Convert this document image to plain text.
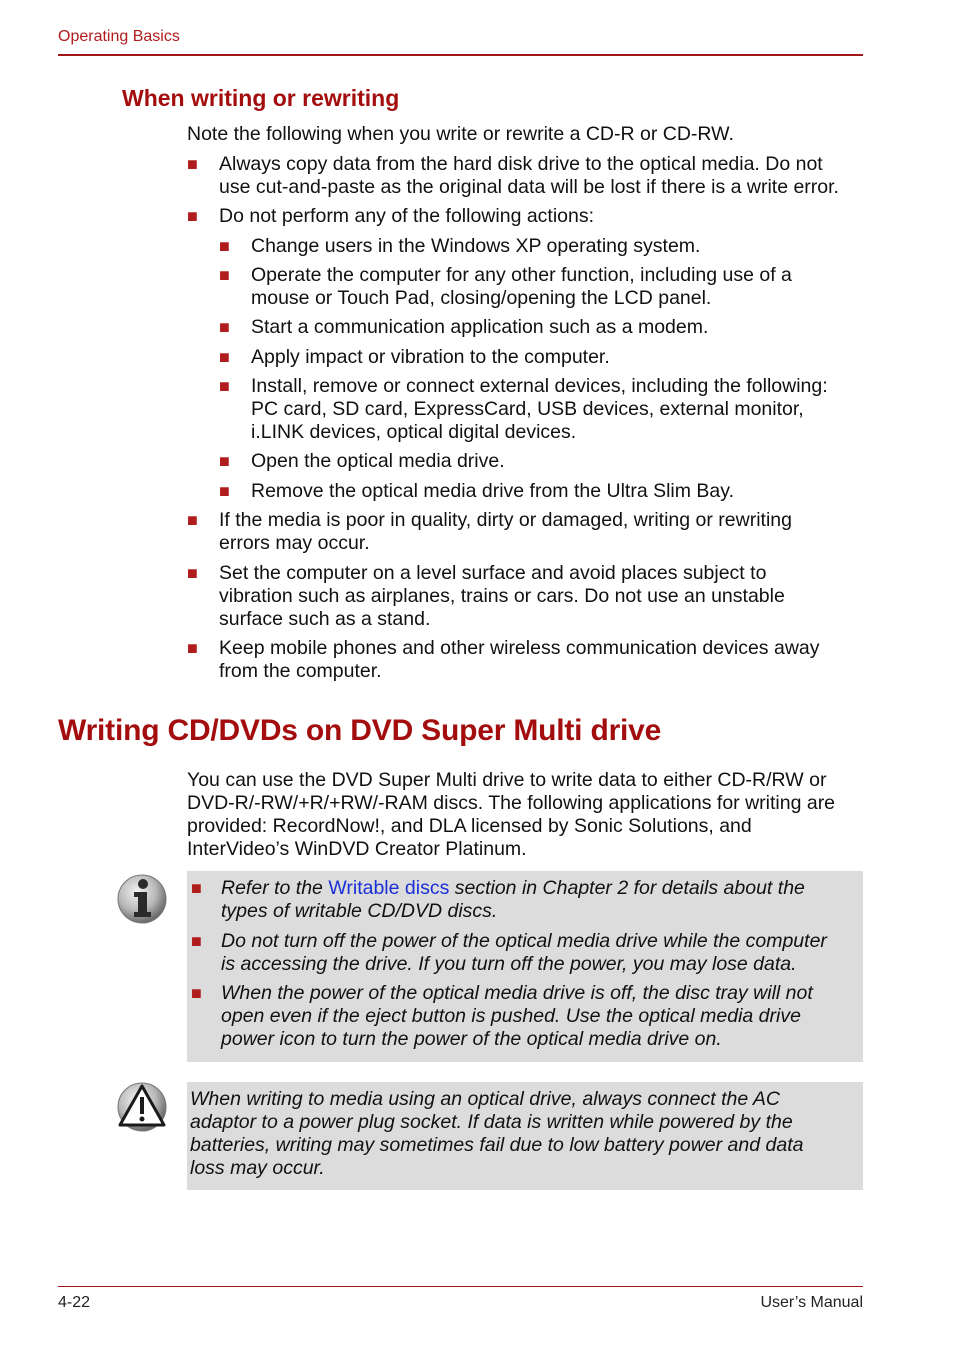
Operating Basics
When writing or rewriting
Note the following when you write or rewrite a CD-R or CD-RW.
■ Always copy data from the hard disk drive to the optical media. Do not
use cut-and-paste as the original data will be lost if there is a write error.
■ Do not perform any of the following actions:
■ Change users in the Windows XP operating system.
■ Operate the computer for any other function, including use of a
mouse or Touch Pad, closing/opening the LCD panel.
■ Start a communication application such as a modem.
■ Apply impact or vibration to the computer.
■ Install, remove or connect external devices, including the following:
PC card, SD card, ExpressCard, USB devices, external monitor,
i.LINK devices, optical digital devices.
■ Open the optical media drive.
■ Remove the optical media drive from the Ultra Slim Bay.
■ If the media is poor in quality, dirty or damaged, writing or rewriting
errors may occur.
■ Set the computer on a level surface and avoid places subject to
vibration such as airplanes, trains or cars. Do not use an unstable
surface such as a stand.
■ Keep mobile phones and other wireless communication devices away
from the computer.
Writing CD/DVDs on DVD Super Multi drive
You can use the DVD Super Multi drive to write data to either CD-R/RW or
DVD-R/-RW/+R/+RW/-RAM discs. The following applications for writing are
provided: RecordNow!, and DLA licensed by Sonic Solutions, and
InterVideo’s WinDVD Creator Platinum.
■ Refer to the Writable discs section in Chapter 2 for details about the
types of writable CD/DVD discs.
■ Do not turn off the power of the optical media drive while the computer
is accessing the drive. If you turn off the power, you may lose data.
■ When the power of the optical media drive is off, the disc tray will not
open even if the eject button is pushed. Use the optical media drive
power icon to turn the power of the optical media drive on.
When writing to media using an optical drive, always connect the AC
adaptor to a power plug socket. If data is written while powered by the
batteries, writing may sometimes fail due to low battery power and data
loss may occur.
4-22	User’s Manual
